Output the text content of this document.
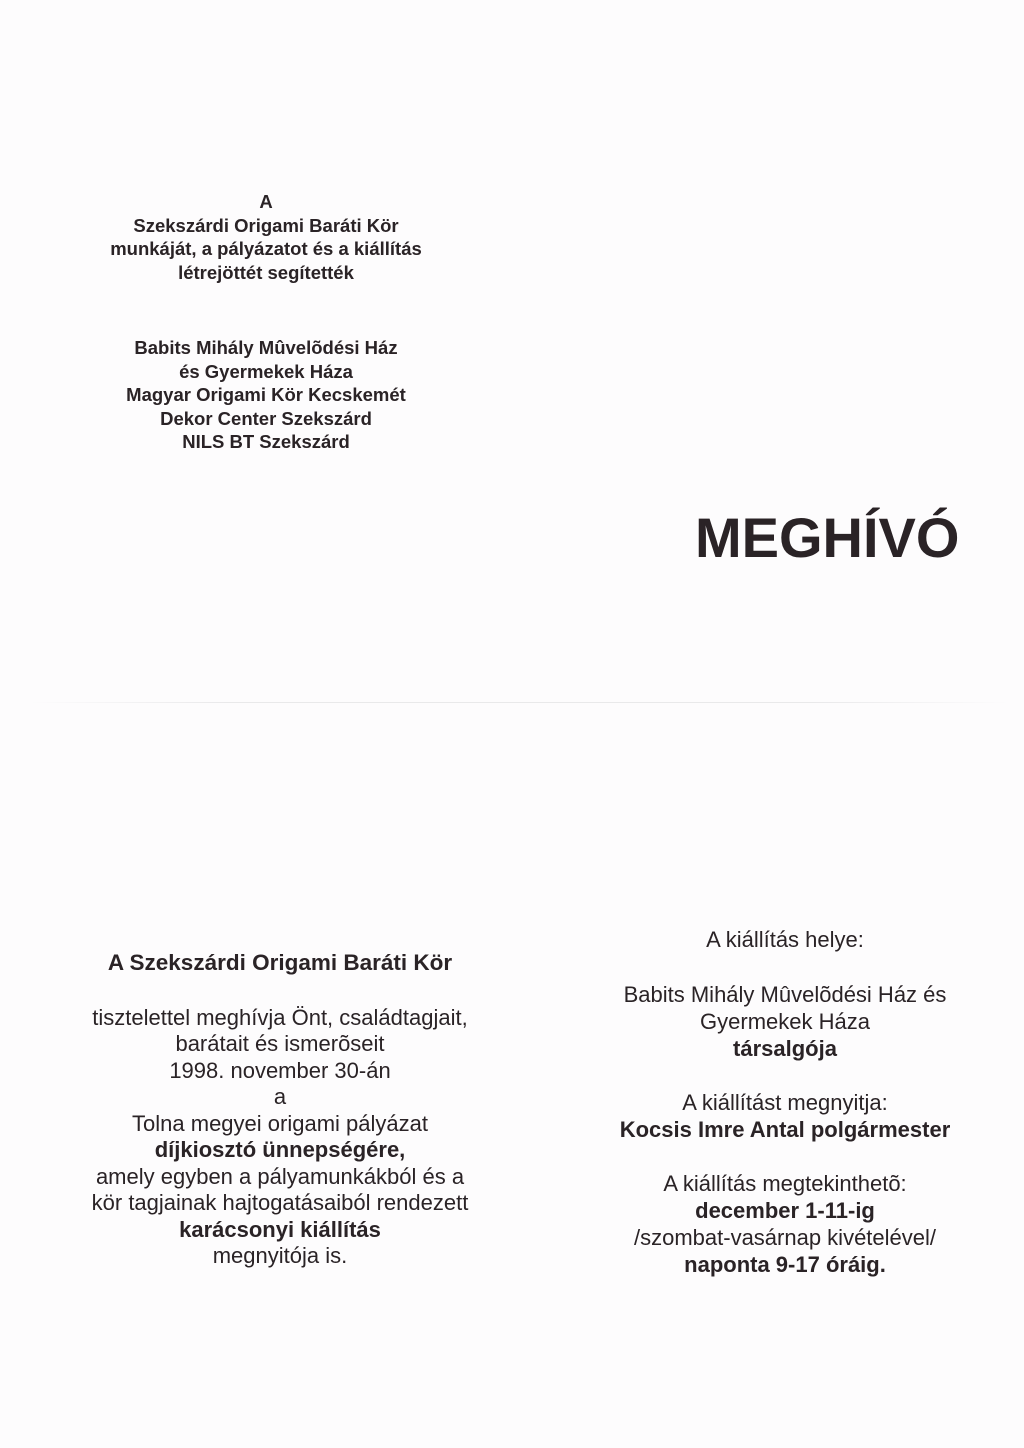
A
Szekszárdi Origami Baráti Kör
munkáját, a pályázatot és a kiállítás
létrejöttét segítették
Babits Mihály Mûvelõdési Ház
és Gyermekek Háza
Magyar Origami Kör Kecskemét
Dekor Center Szekszárd
NILS BT Szekszárd
MEGHÍVÓ
A Szekszárdi Origami Baráti Kör
tisztelettel meghívja Önt, családtagjait,
barátait és ismerõseit
1998. november 30-án
a
Tolna megyei origami pályázat
díjkiosztó ünnepségére,
amely egyben a pályamunkákból és a
kör tagjainak hajtogatásaiból rendezett
karácsonyi kiállítás
megnyitója is.
A kiállítás helye:
Babits Mihály Mûvelõdési Ház és
Gyermekek Háza
társalgója
A kiállítást megnyitja:
Kocsis Imre Antal polgármester
A kiállítás megtekinthetõ:
december 1-11-ig
/szombat-vasárnap kivételével/
naponta 9-17 óráig.
